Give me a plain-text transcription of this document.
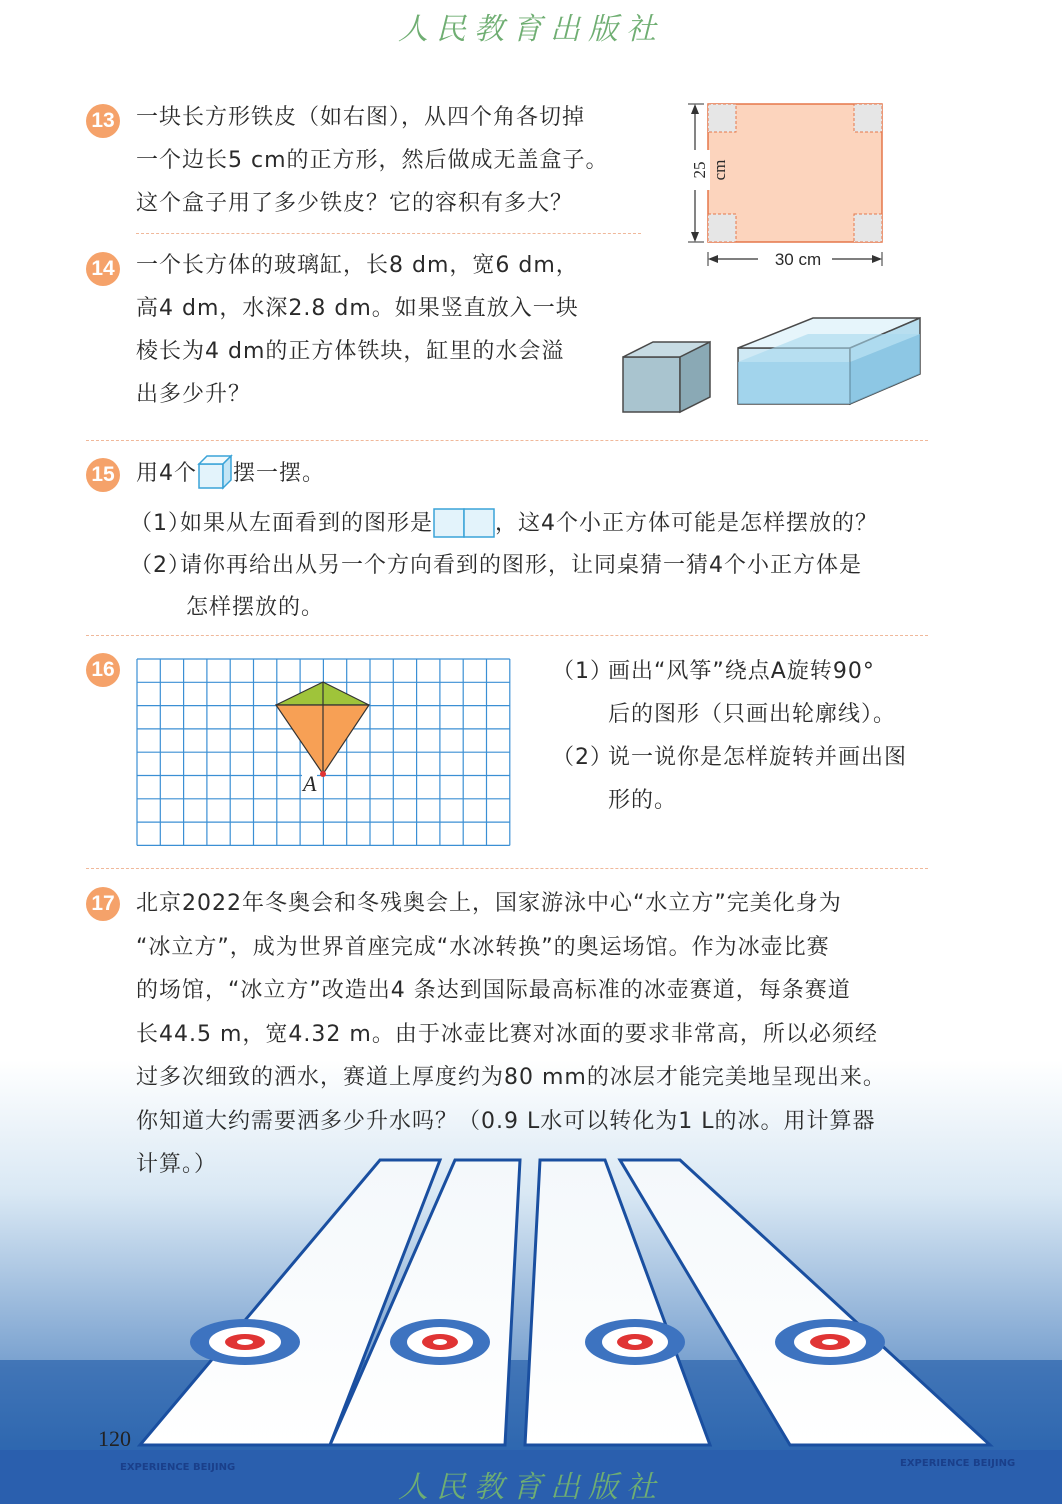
人民教育出版社
EXPERIENCE BEIJING	EXPERIENCE BEIJING
人民教育出版社
120
13 一块长方形铁皮（如右图），从四个角各切掉
一个边长5 cm的正方形，然后做成无盖盒子。
这个盒子用了多少铁皮？它的容积有多大？
25 cm
30 cm
14 一个长方体的玻璃缸，长8 dm，宽6 dm，
高4 dm，水深2.8 dm。如果竖直放入一块
棱长为4 dm的正方体铁块，缸里的水会溢
出多少升？
15 用4个 摆一摆。
（1）如果从左面看到的图形是	，这4个小正方体可能是怎样摆放的？
（2）请你再给出从另一个方向看到的图形，让同桌猜一猜4个小正方体是
怎样摆放的。
16
A
（1）画出“风筝”绕点A旋转90°
后的图形（只画出轮廓线）。
（2）说一说你是怎样旋转并画出图
形的。
17 北京2022年冬奥会和冬残奥会上，国家游泳中心“水立方”完美化身为
“冰立方”，成为世界首座完成“水冰转换”的奥运场馆。作为冰壶比赛
的场馆，“冰立方”改造出4 条达到国际最高标准的冰壶赛道，每条赛道
长44.5 m，宽4.32 m。由于冰壶比赛对冰面的要求非常高，所以必须经
过多次细致的洒水，赛道上厚度约为80 mm的冰层才能完美地呈现出来。
你知道大约需要洒多少升水吗？（0.9 L水可以转化为1 L的冰。用计算器
计算。）
